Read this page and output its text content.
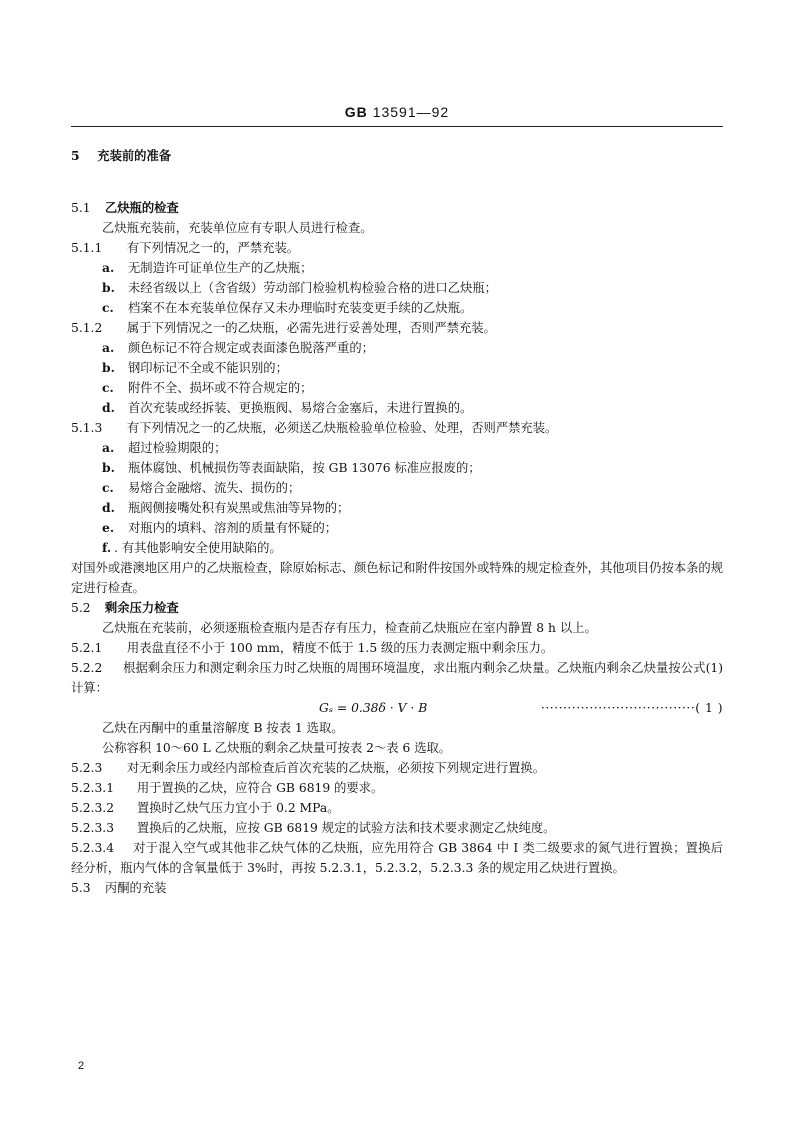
GB 13591—92
5 充装前的准备
5.1 乙炔瓶的检查
乙炔瓶充装前，充装单位应有专职人员进行检查。
5.1.1 有下列情况之一的，严禁充装。
a. 无制造许可证单位生产的乙炔瓶；
b. 未经省级以上（含省级）劳动部门检验机构检验合格的进口乙炔瓶；
c. 档案不在本充装单位保存又未办理临时充装变更手续的乙炔瓶。
5.1.2 属于下列情况之一的乙炔瓶，必需先进行妥善处理，否则严禁充装。
a. 颜色标记不符合规定或表面漆色脱落严重的；
b. 钢印标记不全或不能识别的；
c. 附件不全、损坏或不符合规定的；
d. 首次充装或经拆装、更换瓶阀、易熔合金塞后，未进行置换的。
5.1.3 有下列情况之一的乙炔瓶，必须送乙炔瓶检验单位检验、处理，否则严禁充装。
a. 超过检验期限的；
b. 瓶体腐蚀、机械损伤等表面缺陷，按 GB 13076 标准应报废的；
c. 易熔合金融熔、流失、损伤的；
d. 瓶阀侧接嘴处积有炭黑或焦油等异物的；
e. 对瓶内的填料、溶剂的质量有怀疑的；
f. . 有其他影响安全使用缺陷的。
对国外或港澳地区用户的乙炔瓶检查，除原始标志、颜色标记和附件按国外或特殊的规定检查外，其他项目仍按本条的规定进行检查。
5.2 剩余压力检查
乙炔瓶在充装前，必须逐瓶检查瓶内是否存有压力，检查前乙炔瓶应在室内静置 8 h 以上。
5.2.1 用表盘直径不小于 100 mm，精度不低于 1.5 级的压力表测定瓶中剩余压力。
5.2.2 根据剩余压力和测定剩余压力时乙炔瓶的周围环境温度，求出瓶内剩余乙炔量。乙炔瓶内剩余乙炔量按公式(1)计算：
Gₛ = 0.38δ · V · B	···································( 1 )
乙炔在丙酮中的重量溶解度 B 按表 1 选取。
公称容积 10～60 L 乙炔瓶的剩余乙炔量可按表 2～表 6 选取。
5.2.3 对无剩余压力或经内部检查后首次充装的乙炔瓶，必须按下列规定进行置换。
5.2.3.1 用于置换的乙炔，应符合 GB 6819 的要求。
5.2.3.2 置换时乙炔气压力宜小于 0.2 MPa。
5.2.3.3 置换后的乙炔瓶，应按 GB 6819 规定的试验方法和技术要求测定乙炔纯度。
5.2.3.4 对于混入空气或其他非乙炔气体的乙炔瓶，应先用符合 GB 3864 中 Ⅰ 类二级要求的氮气进行置换；置换后经分析，瓶内气体的含氧量低于 3%时，再按 5.2.3.1，5.2.3.2，5.2.3.3 条的规定用乙炔进行置换。
5.3 丙酮的充装
2
